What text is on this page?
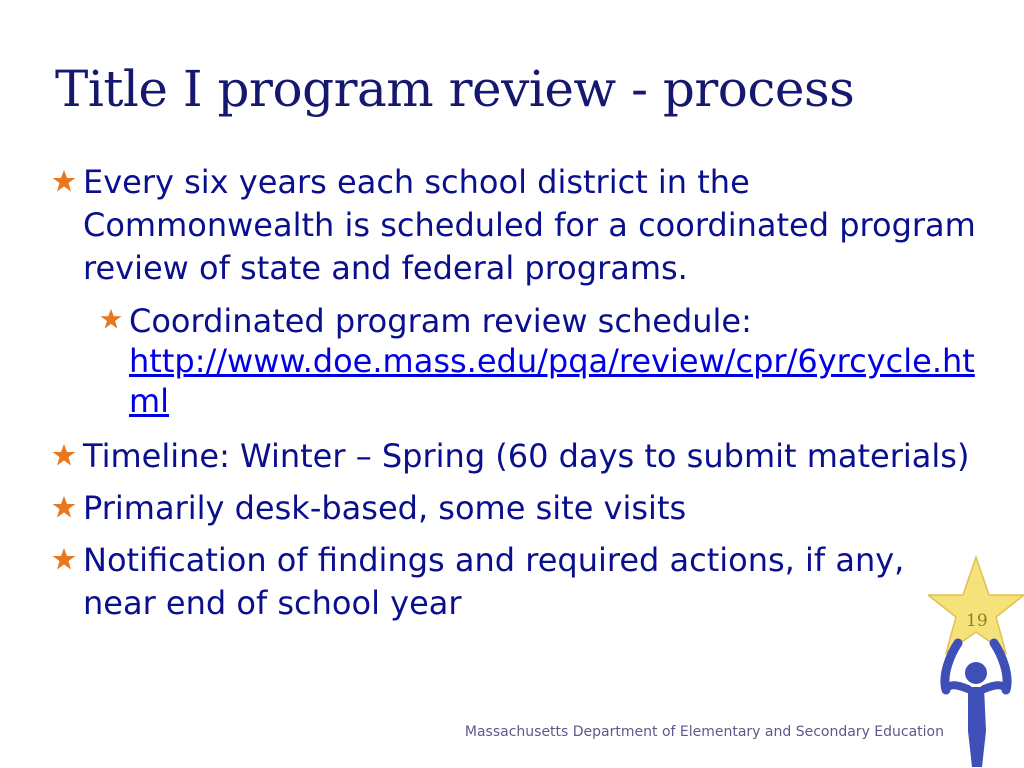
Title I program review - process
Every six years each school district in the Commonwealth is scheduled for a coordinated program review of state and federal programs.
Coordinated program review schedule:
http://www.doe.mass.edu/pqa/review/cpr/6yrcycle.html
Timeline: Winter – Spring (60 days to submit materials)
Primarily desk-based, some site visits
Notification of findings and required actions, if any, near end of school year	19
Massachusetts Department of Elementary and Secondary Education
